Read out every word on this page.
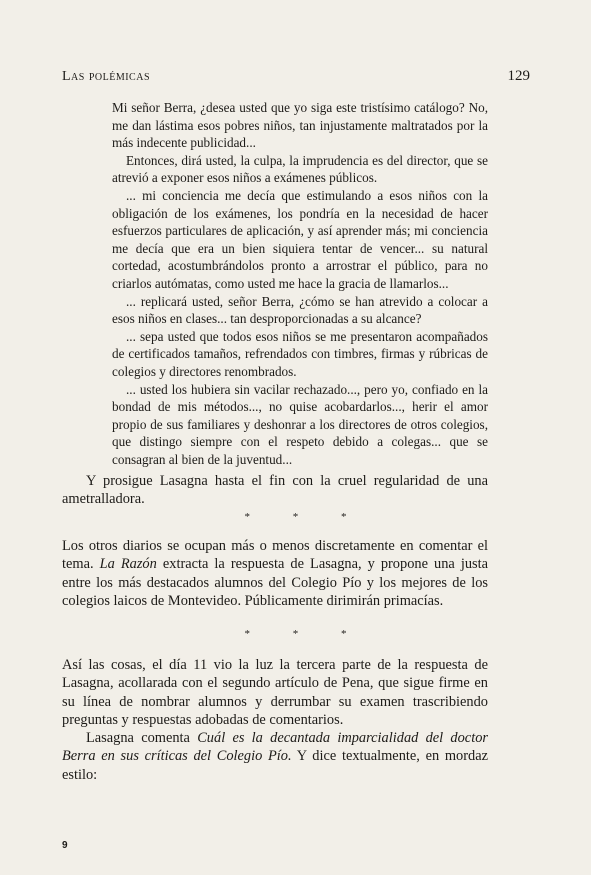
Las polémicas	129

Mi señor Berra, ¿desea usted que yo siga este tristísimo catálogo? No, me dan lástima esos pobres niños, tan injustamente maltratados por la más indecente publicidad...

Entonces, dirá usted, la culpa, la imprudencia es del director, que se atrevió a exponer esos niños a exámenes públicos.

... mi conciencia me decía que estimulando a esos niños con la obligación de los exámenes, los pondría en la necesidad de hacer esfuerzos particulares de aplicación, y así aprender más; mi conciencia me decía que era un bien siquiera tentar de vencer... su natural cortedad, acostumbrándolos pronto a arrostrar el público, para no criarlos autómatas, como usted me hace la gracia de llamarlos...

... replicará usted, señor Berra, ¿cómo se han atrevido a colocar a esos niños en clases... tan desproporcionadas a su alcance?

... sepa usted que todos esos niños se me presentaron acompañados de certificados tamaños, refrendados con timbres, firmas y rúbricas de colegios y directores renombrados.

... usted los hubiera sin vacilar rechazado..., pero yo, confiado en la bondad de mis métodos..., no quise acobardarlos..., herir el amor propio de sus familiares y deshonrar a los directores de otros colegios, que distingo siempre con el respeto debido a colegas... que se consagran al bien de la juventud...

Y prosigue Lasagna hasta el fin con la cruel regularidad de una ametralladora.

* * *

Los otros diarios se ocupan más o menos discretamente en comentar el tema. La Razón extracta la respuesta de Lasagna, y propone una justa entre los más destacados alumnos del Colegio Pío y los mejores de los colegios laicos de Montevideo. Públicamente dirimirán primacías.

* * *

Así las cosas, el día 11 vio la luz la tercera parte de la respuesta de Lasagna, acollarada con el segundo artículo de Pena, que sigue firme en su línea de nombrar alumnos y derrumbar su examen trascribiendo preguntas y respuestas adobadas de comentarios.

Lasagna comenta Cuál es la decantada imparcialidad del doctor Berra en sus críticas del Colegio Pío. Y dice textualmente, en mordaz estilo:

9
